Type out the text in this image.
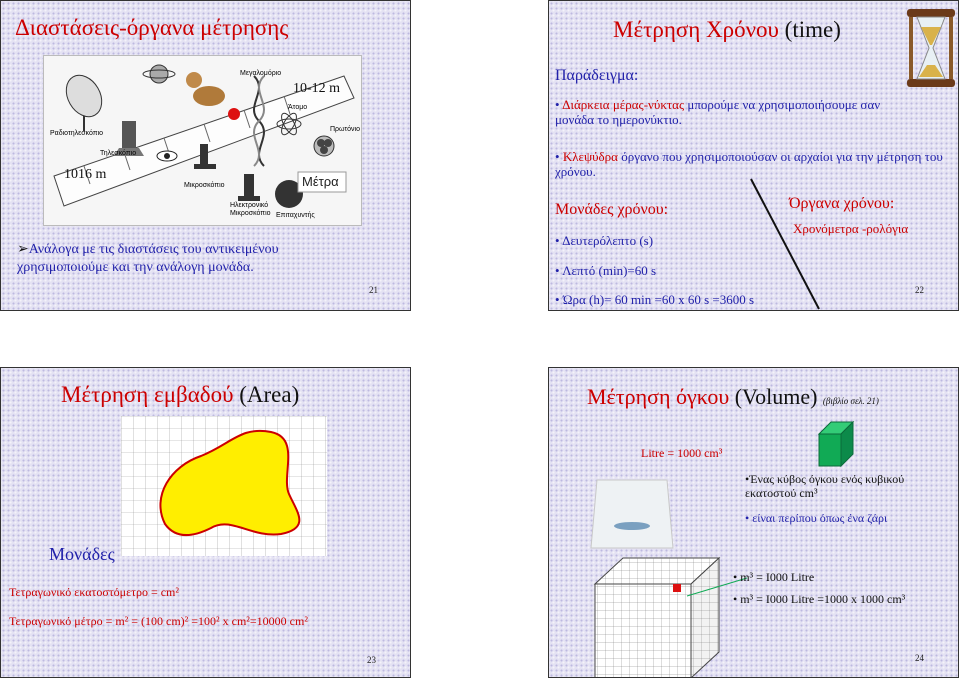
Διαστάσεις-όργανα μέτρησης
Μέτρα
Ραδιοτηλεσκόπιο
Τηλεσκόπιο
Μικροσκόπιο
Ηλεκτρονικό Μικροσκόπιο Επιταχυντής
Μεγαλομόριο
Άτομο
Πρωτόνιο
10-12 m
1016 m
➢Ανάλογα με τις διαστάσεις του αντικειμένου χρησιμοποιούμε και την ανάλογη μονάδα.
21
Μέτρηση Χρόνου (time)
Παράδειγμα:
• Διάρκεια μέρας-νύκτας μπορούμε να χρησιμοποιήσουμε σαν μονάδα το ημερονύκτιο.
• Κλεψύδρα όργανο που χρησιμοποιούσαν οι αρχαίοι για την μέτρηση του χρόνου.
Μονάδες χρόνου:
• Δευτερόλεπτο (s)
• Λεπτό (min)=60 s
• Ώρα (h)= 60 min =60 x 60 s =3600 s
Όργανα χρόνου:
Χρονόμετρα -ρολόγια
22
Μέτρηση εμβαδού (Area)
Μονάδες
Τετραγωνικό εκατοστόμετρο = cm²
Τετραγωνικό μέτρο = m² = (100 cm)² =100² x cm²=10000 cm²
23
Μέτρηση όγκου (Volume) (βιβλίο σελ. 21)
Litre = 1000 cm³
•Ένας κύβος όγκου ενός κυβικού εκατοστού cm³
• είναι περίπου όπως ένα ζάρι
• m³ = I000 Litre
• m³ = I000 Litre =1000 x 1000 cm³
24
